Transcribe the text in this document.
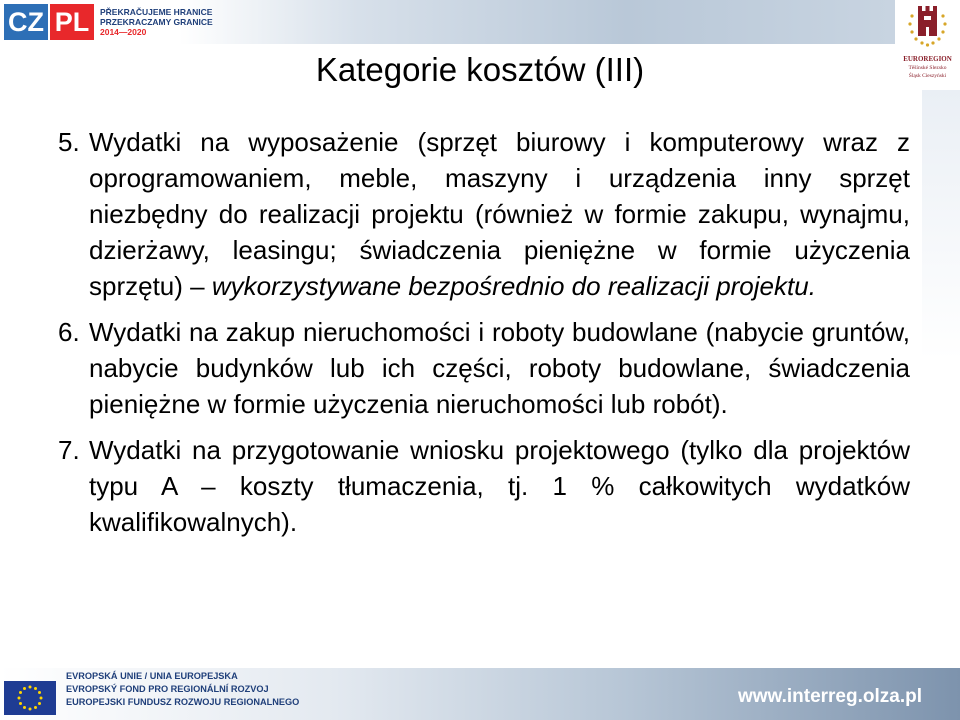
CZ PL	PŘEKRAČUJEME HRANICE
PRZEKRACZAMY GRANICE
2014—2020
EUROREGION
Těšínské Slezsko
Śląsk Cieszyński
Kategorie kosztów (III)
5. Wydatki na wyposażenie (sprzęt biurowy i komputerowy wraz z oprogramowaniem, meble, maszyny i urządzenia inny sprzęt niezbędny do realizacji projektu (również w formie zakupu, wynajmu, dzierżawy, leasingu; świadczenia pieniężne w formie użyczenia sprzętu) – wykorzystywane bezpośrednio do realizacji projektu.

6. Wydatki na zakup nieruchomości i roboty budowlane (nabycie gruntów, nabycie budynków lub ich części, roboty budowlane, świadczenia pieniężne w formie użyczenia nieruchomości lub robót).

7. Wydatki na przygotowanie wniosku projektowego (tylko dla projektów typu A – koszty tłumaczenia, tj. 1 % całkowitych wydatków kwalifikowalnych).

EVROPSKÁ UNIE / UNIA EUROPEJSKA
EVROPSKÝ FOND PRO REGIONÁLNÍ ROZVOJ
EUROPEJSKI FUNDUSZ ROZWOJU REGIONALNEGO	www.interreg.olza.pl
